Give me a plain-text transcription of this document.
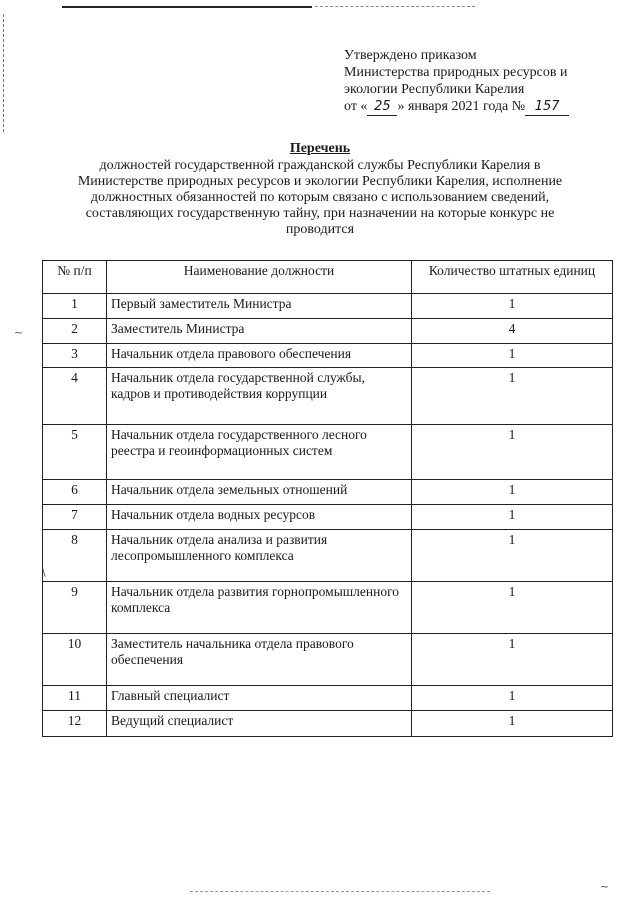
~
\
~
Утверждено приказом
Министерства природных ресурсов и
экологии Республики Карелия
от « 25 » января 2021 года № 157
Перечень
должностей государственной гражданской службы Республики Карелия в
Министерстве природных ресурсов и экологии Республики Карелия, исполнение
должностных обязанностей по которым связано с использованием сведений,
составляющих государственную тайну, при назначении на которые конкурс не
проводится
№ п/п	Наименование должности	Количество штатных единиц
1	Первый заместитель Министра	1
2	Заместитель Министра	4
3	Начальник отдела правового обеспечения	1
4	Начальник отдела государственной службы, кадров и противодействия коррупции	1
5	Начальник отдела государственного лесного реестра и геоинформационных систем	1
6	Начальник отдела земельных отношений	1
7	Начальник отдела водных ресурсов	1
8	Начальник отдела анализа и развития лесопромышленного комплекса	1
9	Начальник отдела развития горнопромышленного комплекса	1
10	Заместитель начальника отдела правового обеспечения	1
11	Главный специалист	1
12	Ведущий специалист	1
